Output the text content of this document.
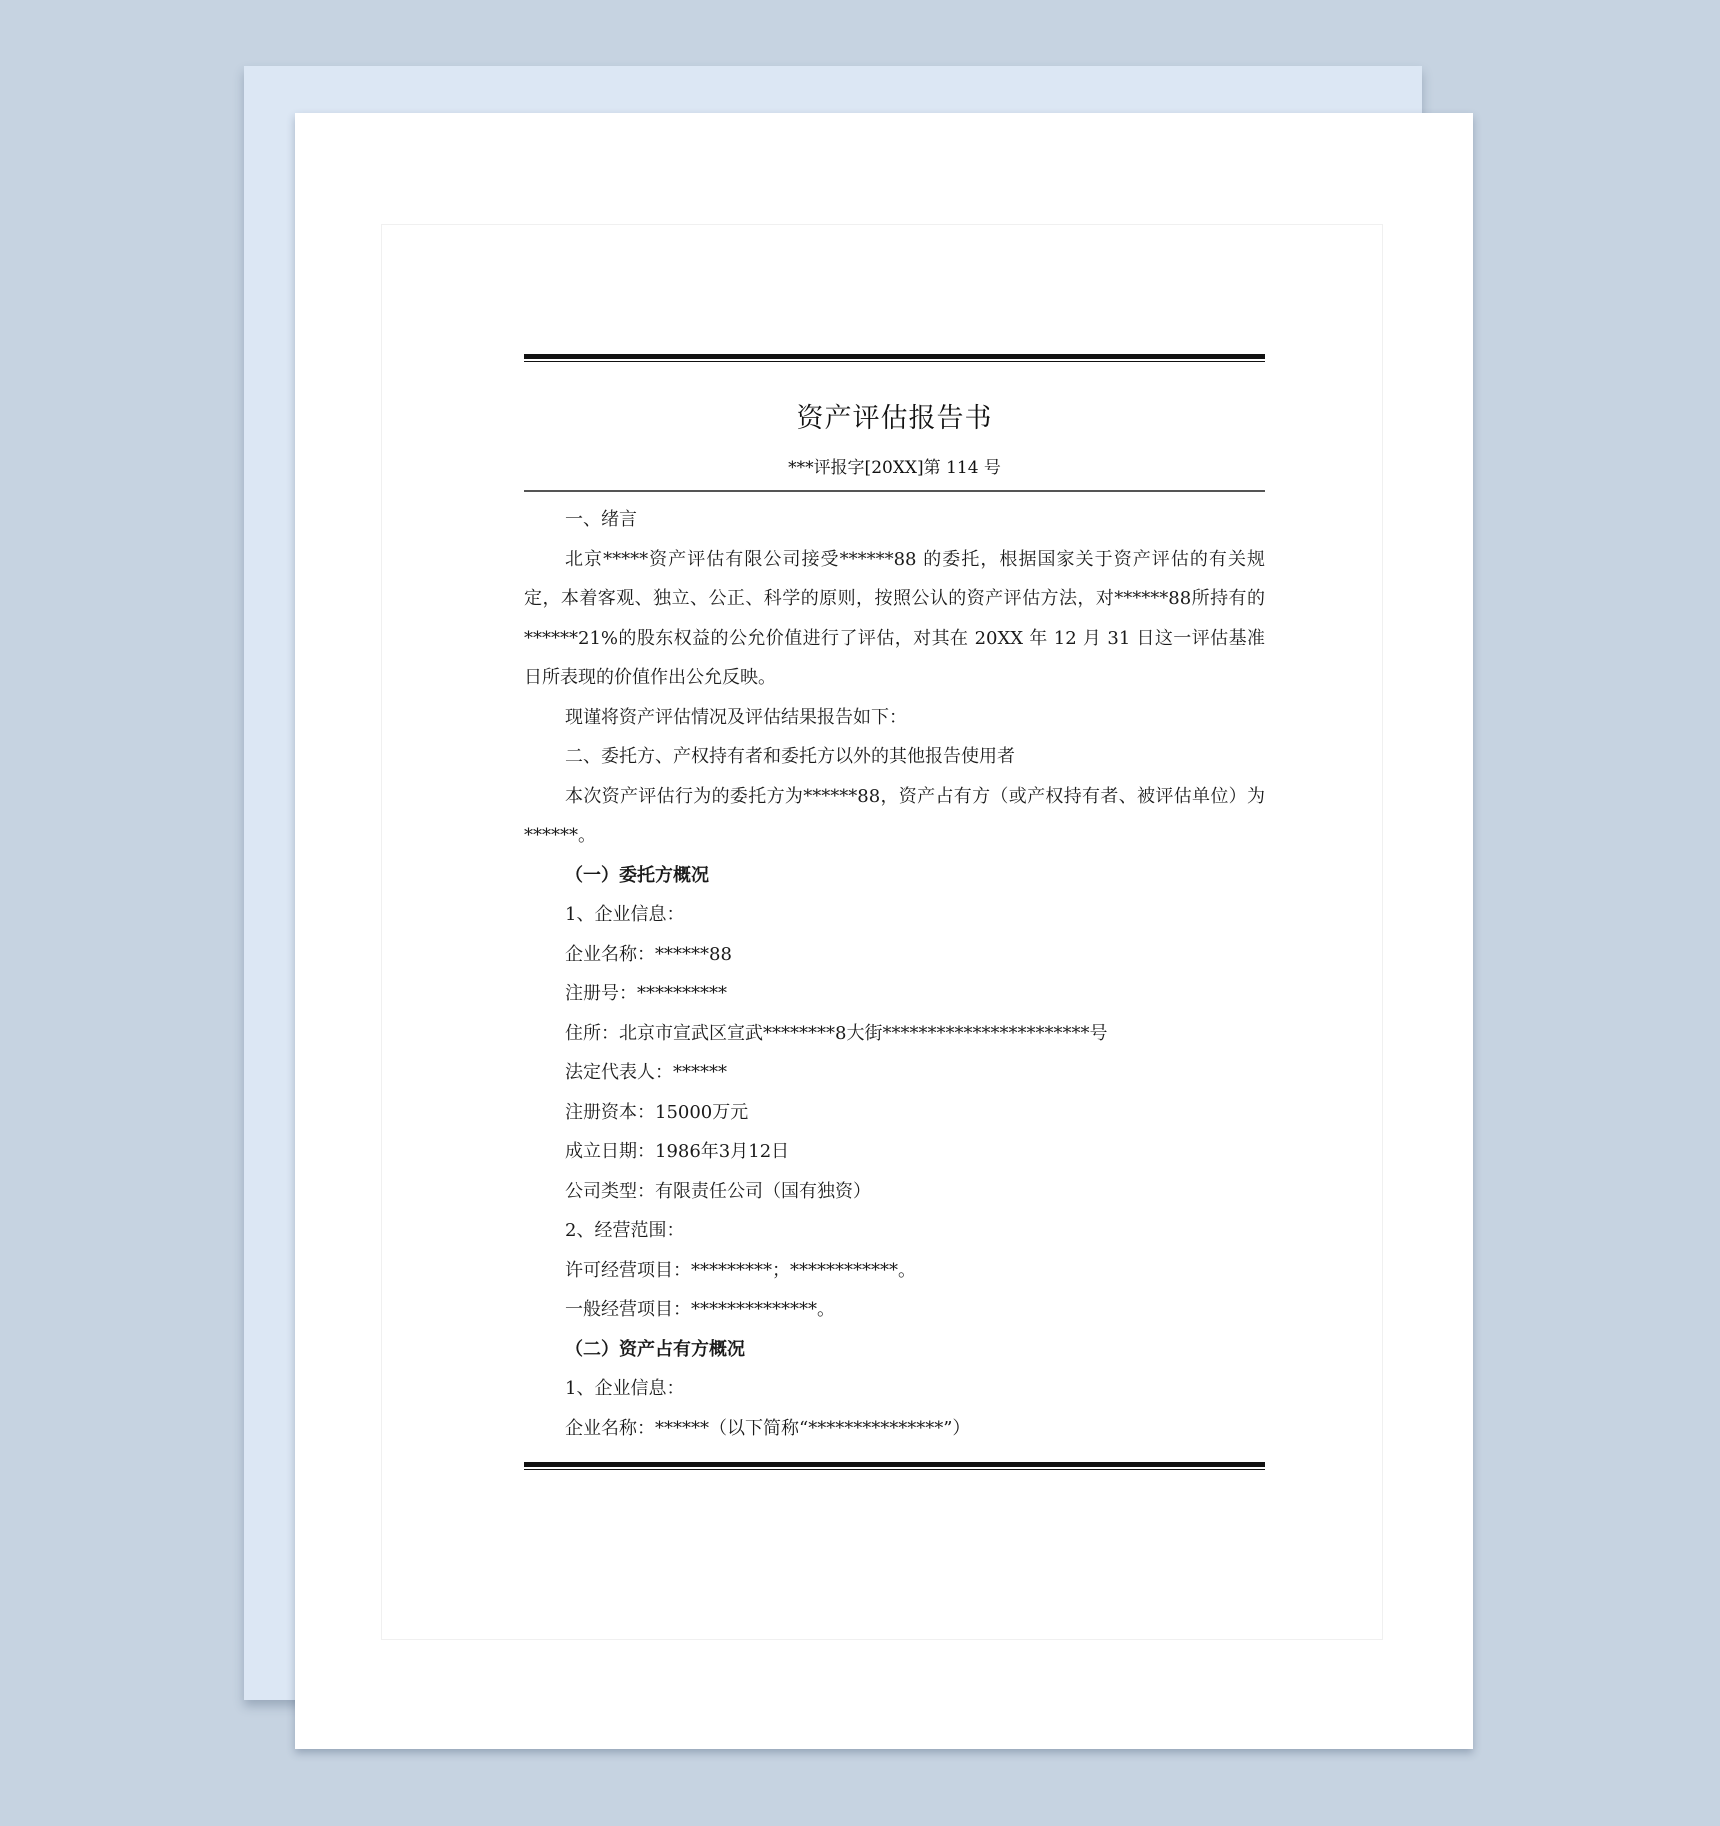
资产评估报告书
***评报字[20XX]第 114 号

一、绪言

北京*****资产评估有限公司接受******88 的委托，根据国家关于资产评估的有关规定，本着客观、独立、公正、科学的原则，按照公认的资产评估方法，对******88所持有的******21%的股东权益的公允价值进行了评估，对其在 20XX 年 12 月 31 日这一评估基准日所表现的价值作出公允反映。

现谨将资产评估情况及评估结果报告如下：

二、委托方、产权持有者和委托方以外的其他报告使用者

本次资产评估行为的委托方为******88，资产占有方（或产权持有者、被评估单位）为******。

（一）委托方概况

1、企业信息：

企业名称：******88

注册号：**********

住所：北京市宣武区宣武********8大街***********************号

法定代表人：******

注册资本：15000万元

成立日期：1986年3月12日

公司类型：有限责任公司（国有独资）

2、经营范围：

许可经营项目：*********；************。

一般经营项目：**************。

（二）资产占有方概况

1、企业信息：

企业名称：******（以下简称“***************”）
